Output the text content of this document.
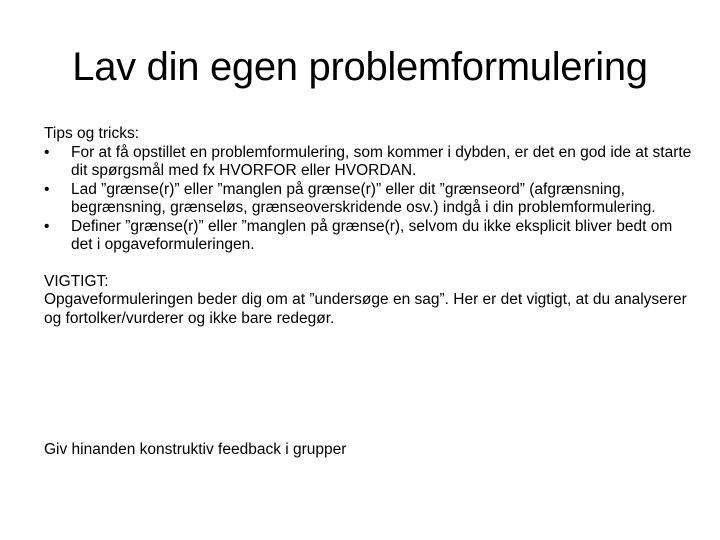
Lav din egen problemformulering

Tips og tricks:

•	For at få opstillet en problemformulering, som kommer i dybden, er det en god ide at starte dit spørgsmål med fx HVORFOR eller HVORDAN.
•	Lad ”grænse(r)” eller ”manglen på grænse(r)” eller dit ”grænseord” (afgrænsning, begrænsning, grænseløs, grænseoverskridende osv.) indgå i din problemformulering.
•	Definer ”grænse(r)” eller ”manglen på grænse(r), selvom du ikke eksplicit bliver bedt om det i opgaveformuleringen.

VIGTIGT:

Opgaveformuleringen beder dig om at ”undersøge en sag”. Her er det vigtigt, at du analyserer og fortolker/vurderer og ikke bare redegør.

Giv hinanden konstruktiv feedback i grupper
